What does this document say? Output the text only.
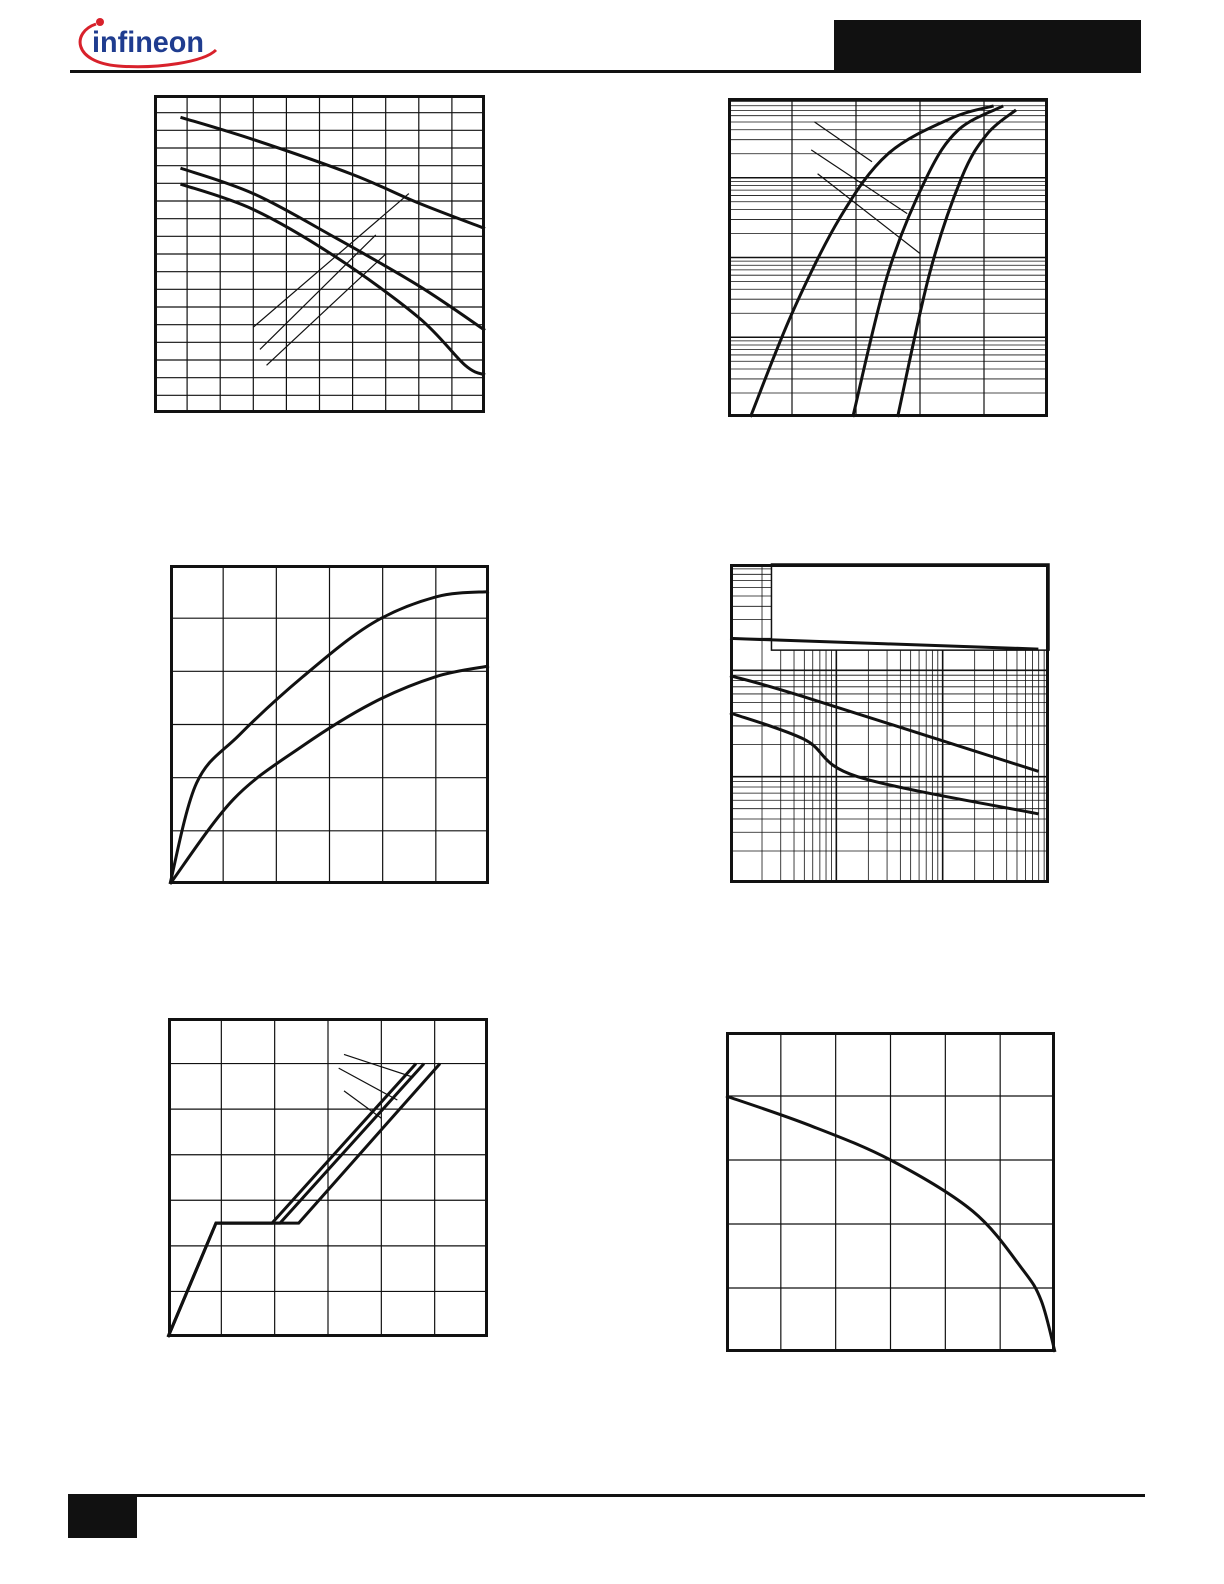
infineon
